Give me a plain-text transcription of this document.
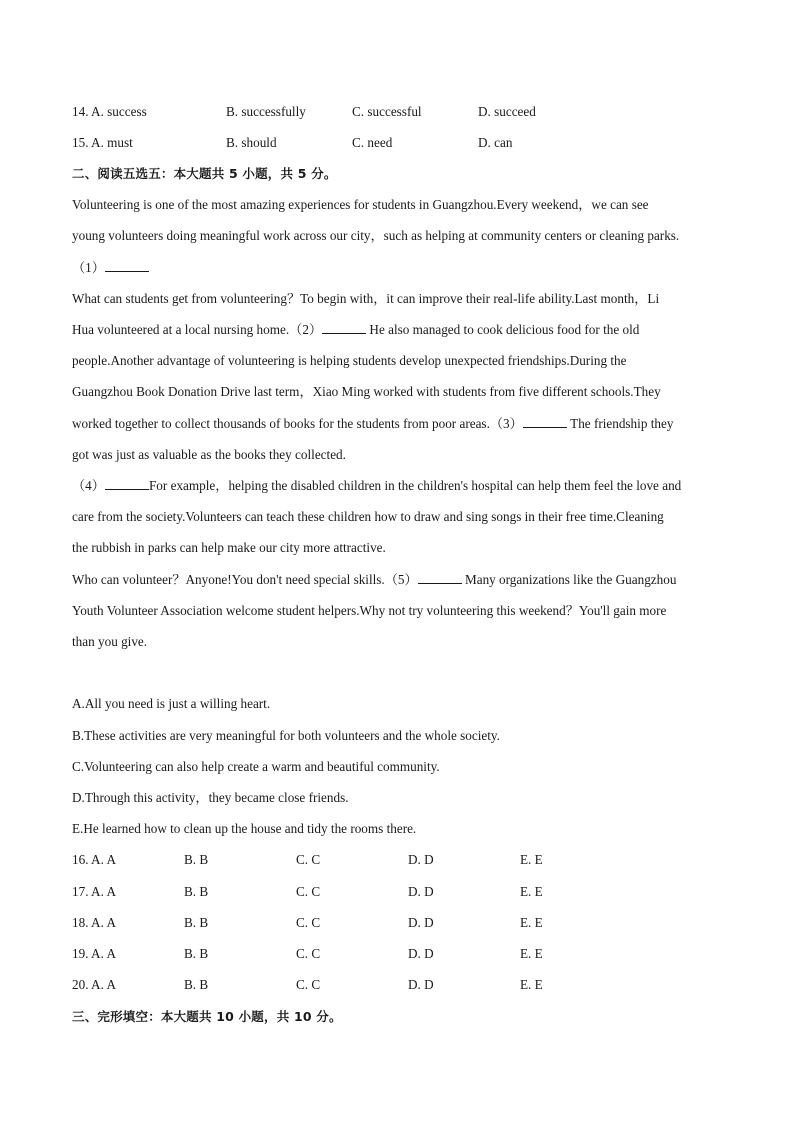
14. A. success	B. successfully	C. successful	D. succeed
15. A. must	B. should	C. need	D. can
二、阅读五选五：本大题共 5 小题，共 5 分。
Volunteering is one of the most amazing experiences for students in Guangzhou.Every weekend，we can see
young volunteers doing meaningful work across our city，such as helping at community centers or cleaning parks.
（1）
What can students get from volunteering？To begin with，it can improve their real-life ability.Last month，Li
Hua volunteered at a local nursing home.（2）	He also managed to cook delicious food for the old
people.Another advantage of volunteering is helping students develop unexpected friendships.During the
Guangzhou Book Donation Drive last term，Xiao Ming worked with students from five different schools.They
worked together to collect thousands of books for the students from poor areas.（3）	The friendship they
got was just as valuable as the books they collected.
（4）	For example，helping the disabled children in the children's hospital can help them feel the love and
care from the society.Volunteers can teach these children how to draw and sing songs in their free time.Cleaning
the rubbish in parks can help make our city more attractive.
Who can volunteer？Anyone!You don't need special skills.（5）	Many organizations like the Guangzhou
Youth Volunteer Association welcome student helpers.Why not try volunteering this weekend？You'll gain more
than you give.
A.All you need is just a willing heart.
B.These activities are very meaningful for both volunteers and the whole society.
C.Volunteering can also help create a warm and beautiful community.
D.Through this activity，they became close friends.
E.He learned how to clean up the house and tidy the rooms there.
16. A. A	B. B	C. C	D. D	E. E
17. A. A	B. B	C. C	D. D	E. E
18. A. A	B. B	C. C	D. D	E. E
19. A. A	B. B	C. C	D. D	E. E
20. A. A	B. B	C. C	D. D	E. E
三、完形填空：本大题共 10 小题，共 10 分。
